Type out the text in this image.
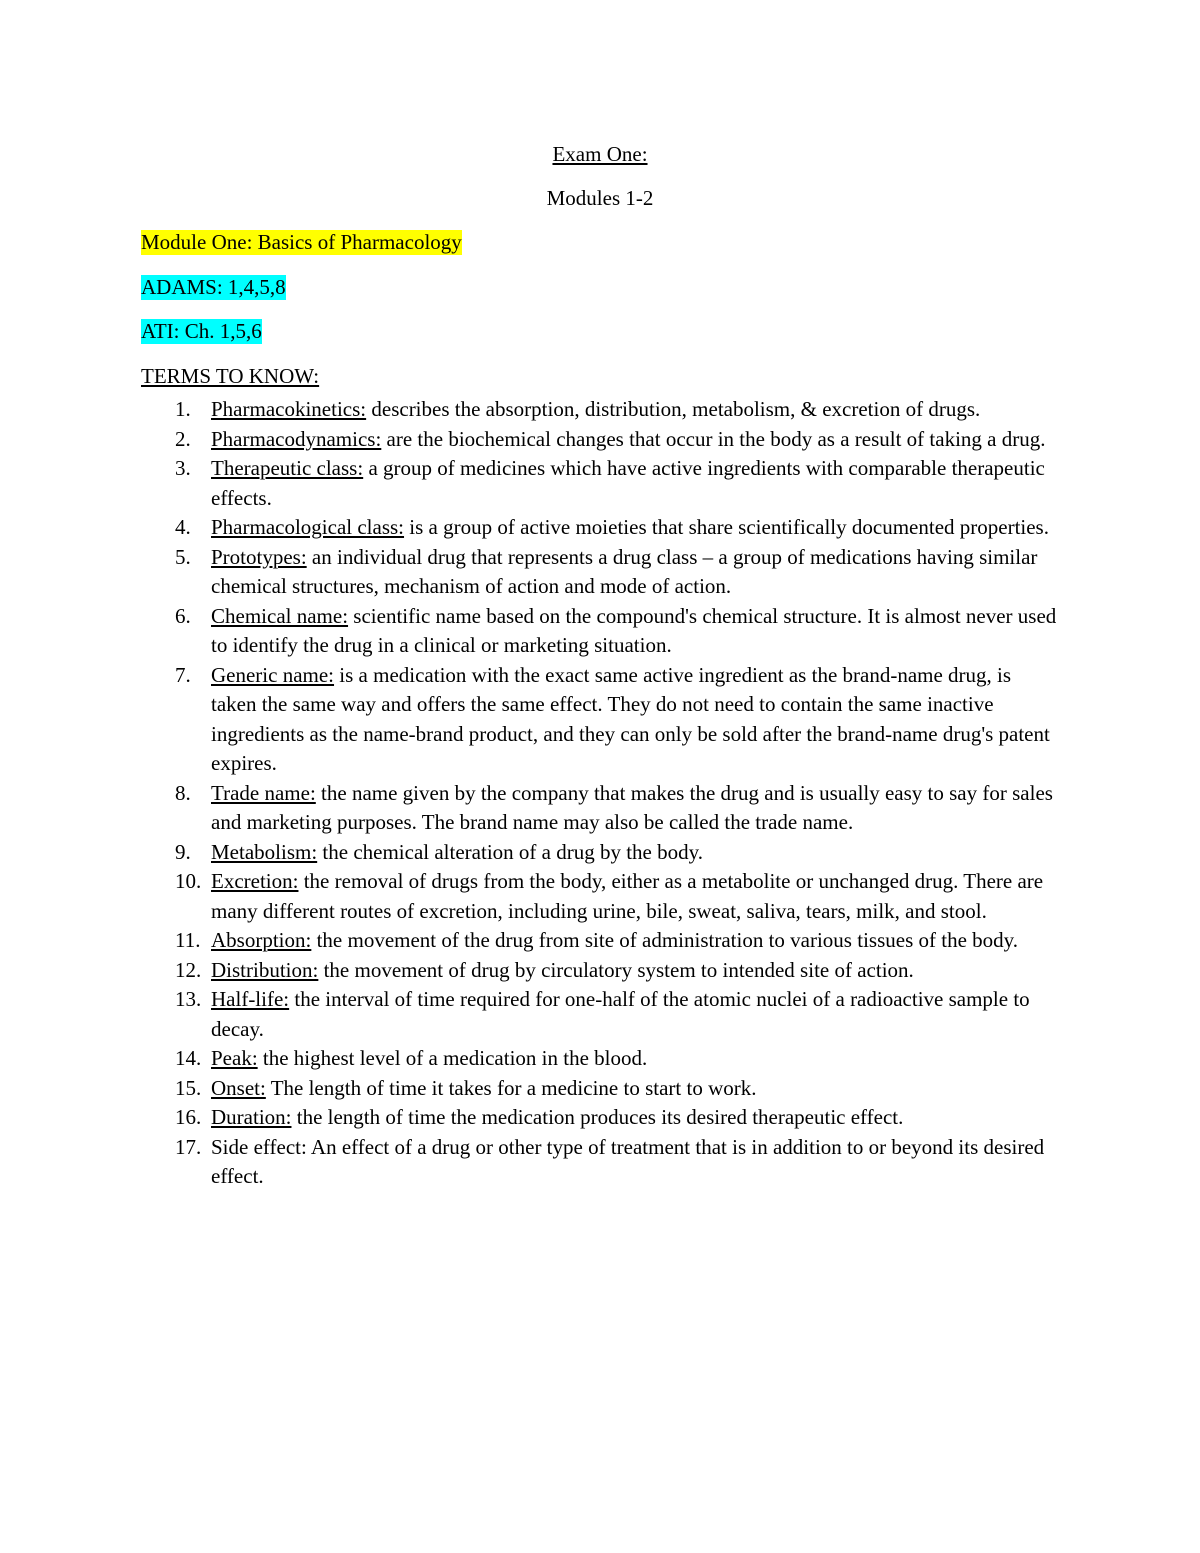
Exam One:

Modules 1-2

Module One: Basics of Pharmacology

ADAMS: 1,4,5,8

ATI: Ch. 1,5,6

TERMS TO KNOW:

1. Pharmacokinetics: describes the absorption, distribution, metabolism, & excretion of drugs.
2. Pharmacodynamics: are the biochemical changes that occur in the body as a result of taking a drug.
3. Therapeutic class: a group of medicines which have active ingredients with comparable therapeutic effects.
4. Pharmacological class: is a group of active moieties that share scientifically documented properties.
5. Prototypes: an individual drug that represents a drug class – a group of medications having similar chemical structures, mechanism of action and mode of action.
6. Chemical name: scientific name based on the compound's chemical structure. It is almost never used to identify the drug in a clinical or marketing situation.
7. Generic name: is a medication with the exact same active ingredient as the brand-name drug, is taken the same way and offers the same effect. They do not need to contain the same inactive ingredients as the name-brand product, and they can only be sold after the brand-name drug's patent expires.
8. Trade name: the name given by the company that makes the drug and is usually easy to say for sales and marketing purposes. The brand name may also be called the trade name.
9. Metabolism: the chemical alteration of a drug by the body.
10. Excretion: the removal of drugs from the body, either as a metabolite or unchanged drug. There are many different routes of excretion, including urine, bile, sweat, saliva, tears, milk, and stool.
11. Absorption: the movement of the drug from site of administration to various tissues of the body.
12. Distribution: the movement of drug by circulatory system to intended site of action.
13. Half-life: the interval of time required for one-half of the atomic nuclei of a radioactive sample to decay.
14. Peak: the highest level of a medication in the blood.
15. Onset: The length of time it takes for a medicine to start to work.
16. Duration: the length of time the medication produces its desired therapeutic effect.
17. Side effect: An effect of a drug or other type of treatment that is in addition to or beyond its desired effect.
